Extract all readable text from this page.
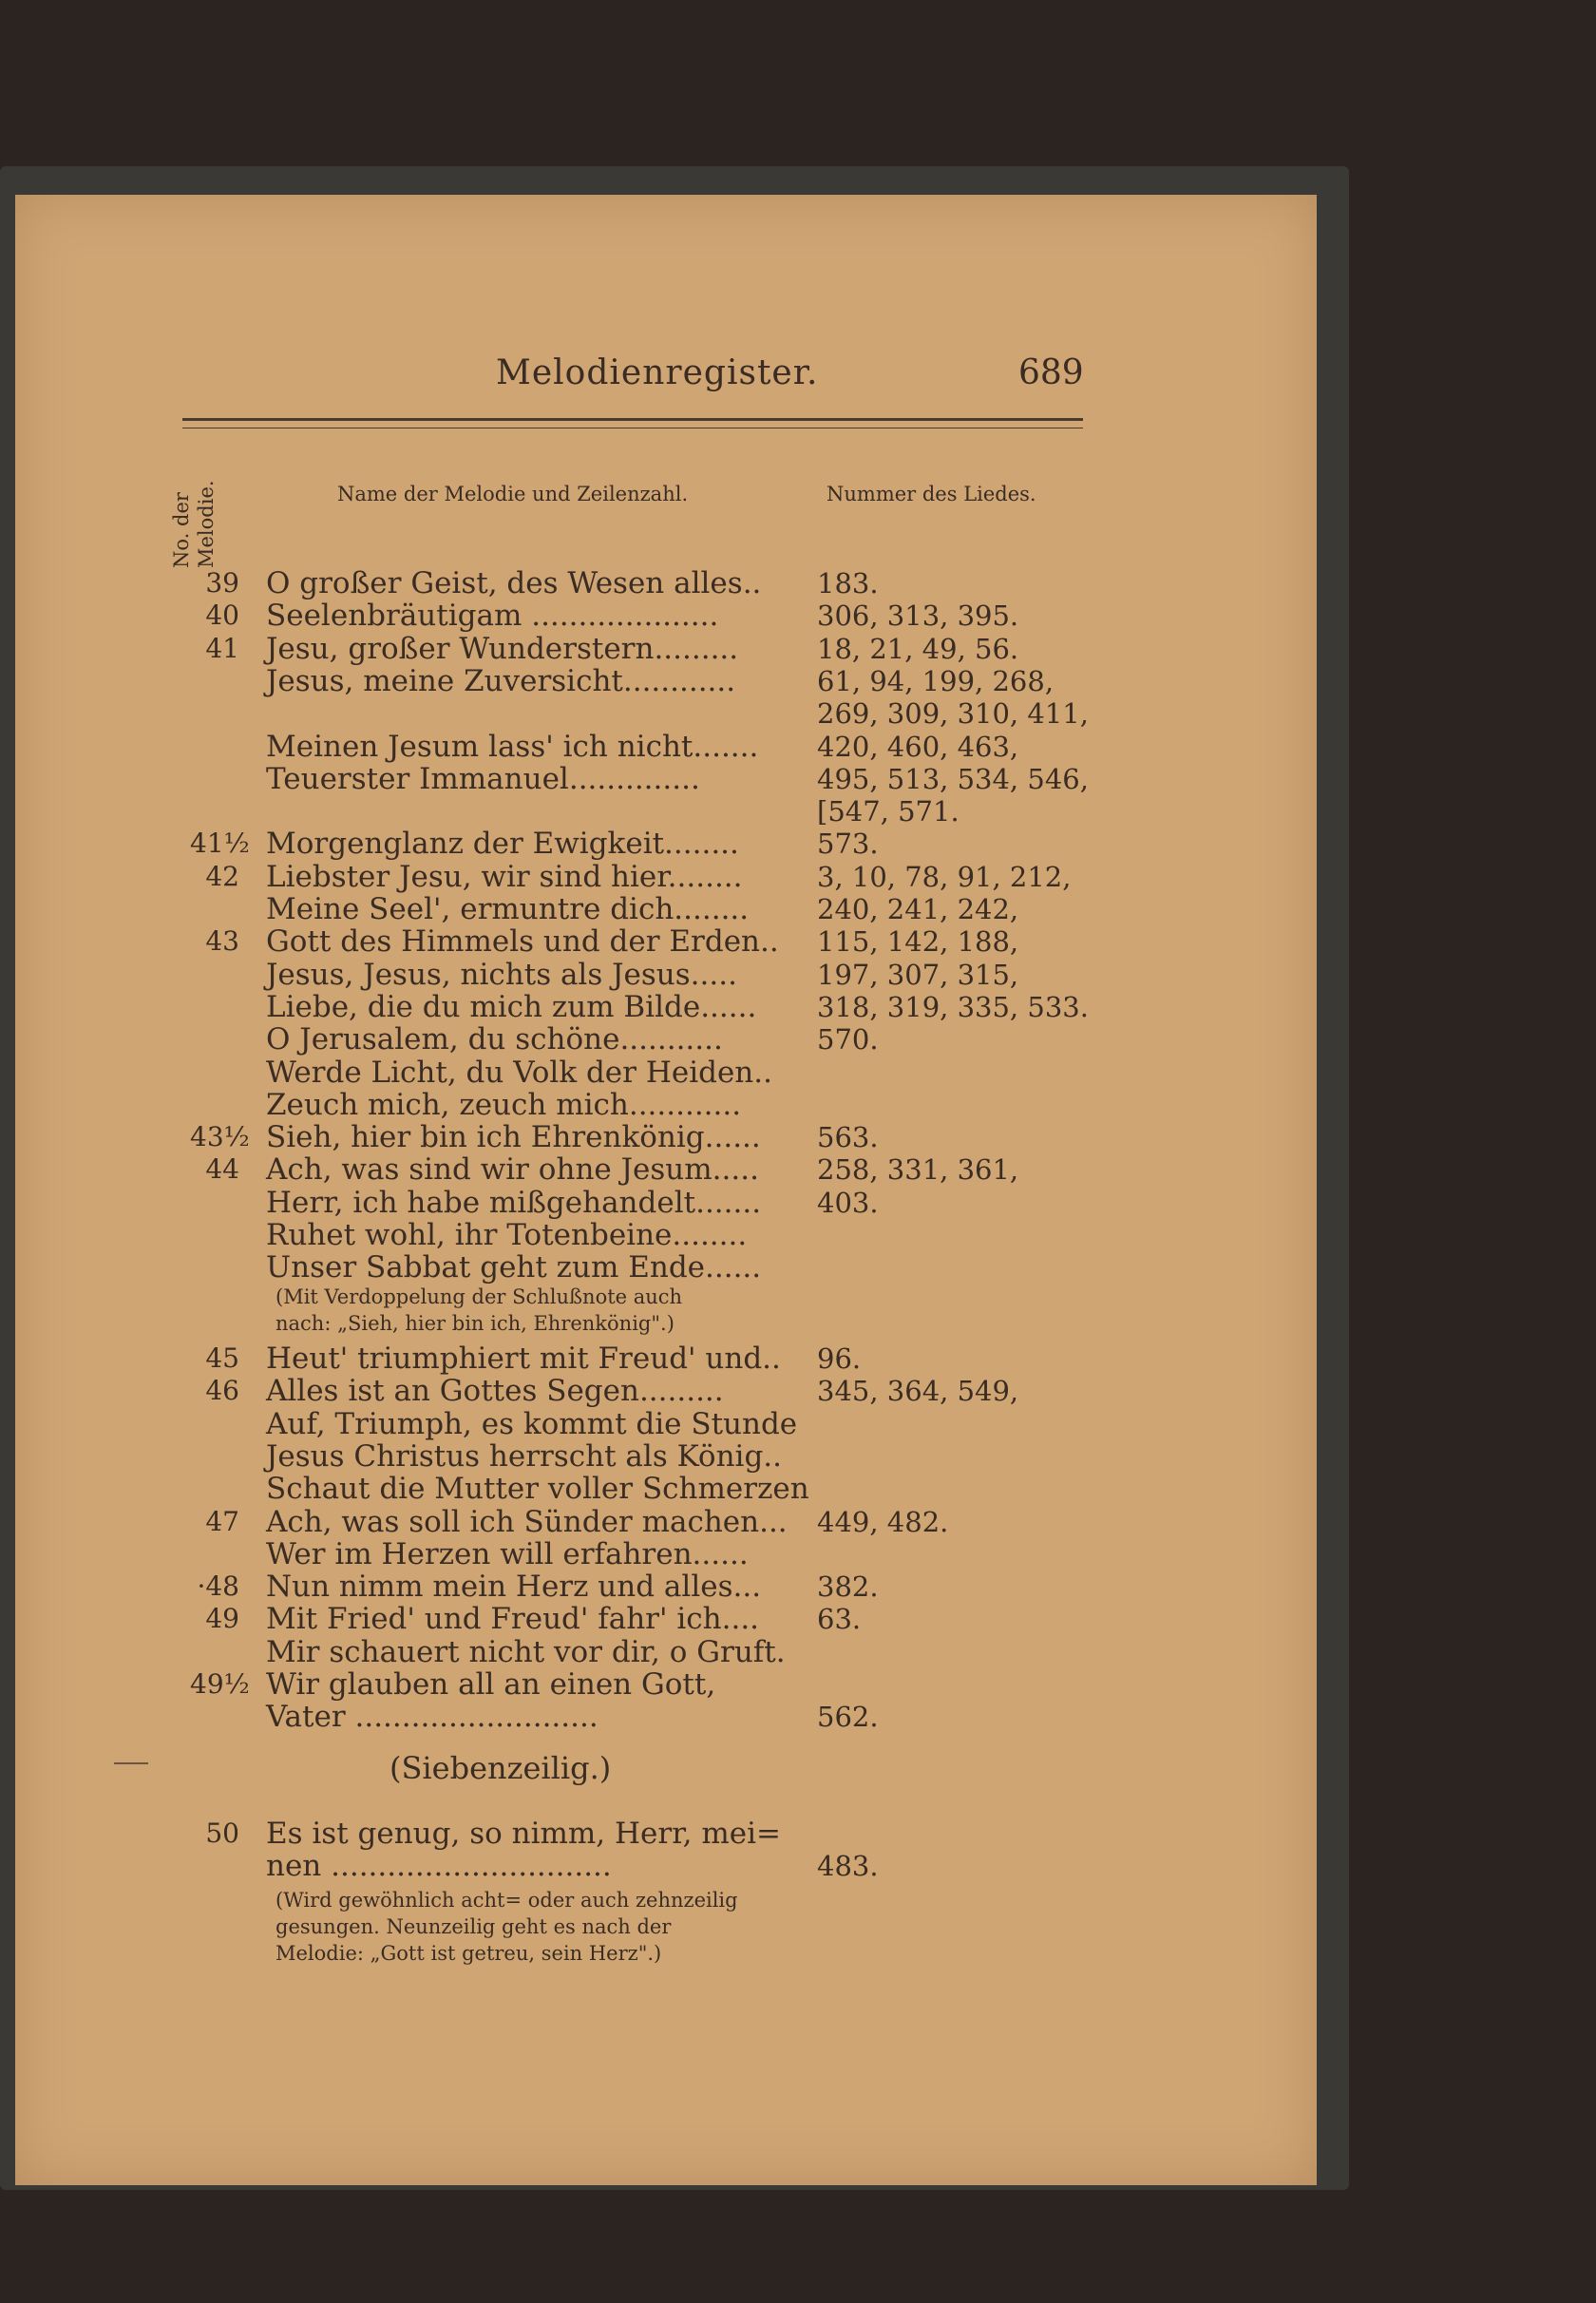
Melodienregister.	689
No. der Melodie.	Name der Melodie und Zeilenzahl.	Nummer des Liedes.
39 O großer Geist, des Wesen alles.. 183.
40 Seelenbräutigam ....................	306, 313, 395.
41 Jesu, großer Wunderstern.........	18, 21, 49, 56.
Jesus, meine Zuversicht............	61, 94, 199, 268,
269, 309, 310, 411,
Meinen Jesum lass' ich nicht....... 420, 460, 463,
Teuerster Immanuel..............	495, 513, 534, 546,
[547, 571.
41½ Morgenglanz der Ewigkeit........	573.
42 Liebster Jesu, wir sind hier........	3, 10, 78, 91, 212,
Meine Seel', ermuntre dich........ 240, 241, 242,
43 Gott des Himmels und der Erden.. 115, 142, 188,
Jesus, Jesus, nichts als Jesus.....	197, 307, 315,
Liebe, die du mich zum Bilde...... 318, 319, 335, 533.
O Jerusalem, du schöne...........	570.
Werde Licht, du Volk der Heiden..
Zeuch mich, zeuch mich............
43½ Sieh, hier bin ich Ehrenkönig...... 563.
44 Ach, was sind wir ohne Jesum..... 258, 331, 361,
Herr, ich habe mißgehandelt....... 403.
Ruhet wohl, ihr Totenbeine........
Unser Sabbat geht zum Ende......
45 Heut' triumphiert mit Freud' und.. 96.
46 Alles ist an Gottes Segen.........	345, 364, 549,
Auf, Triumph, es kommt die Stunde
Jesus Christus herrscht als König..
Schaut die Mutter voller Schmerzen
47 Ach, was soll ich Sünder machen... 449, 482.
Wer im Herzen will erfahren......
·48 Nun nimm mein Herz und alles... 382.
49 Mit Fried' und Freud' fahr' ich.... 63.
Mir schauert nicht vor dir, o Gruft.
49½ Wir glauben all an einen Gott,
Vater ..........................	562.
50 Es ist genug, so nimm, Herr, mei=
nen ..............................	483.
(Mit Verdoppelung der Schlußnote auch
nach: „Sieh, hier bin ich, Ehrenkönig".)
(Siebenzeilig.)
(Wird gewöhnlich acht= oder auch zehnzeilig
gesungen. Neunzeilig geht es nach der
Melodie: „Gott ist getreu, sein Herz".)
